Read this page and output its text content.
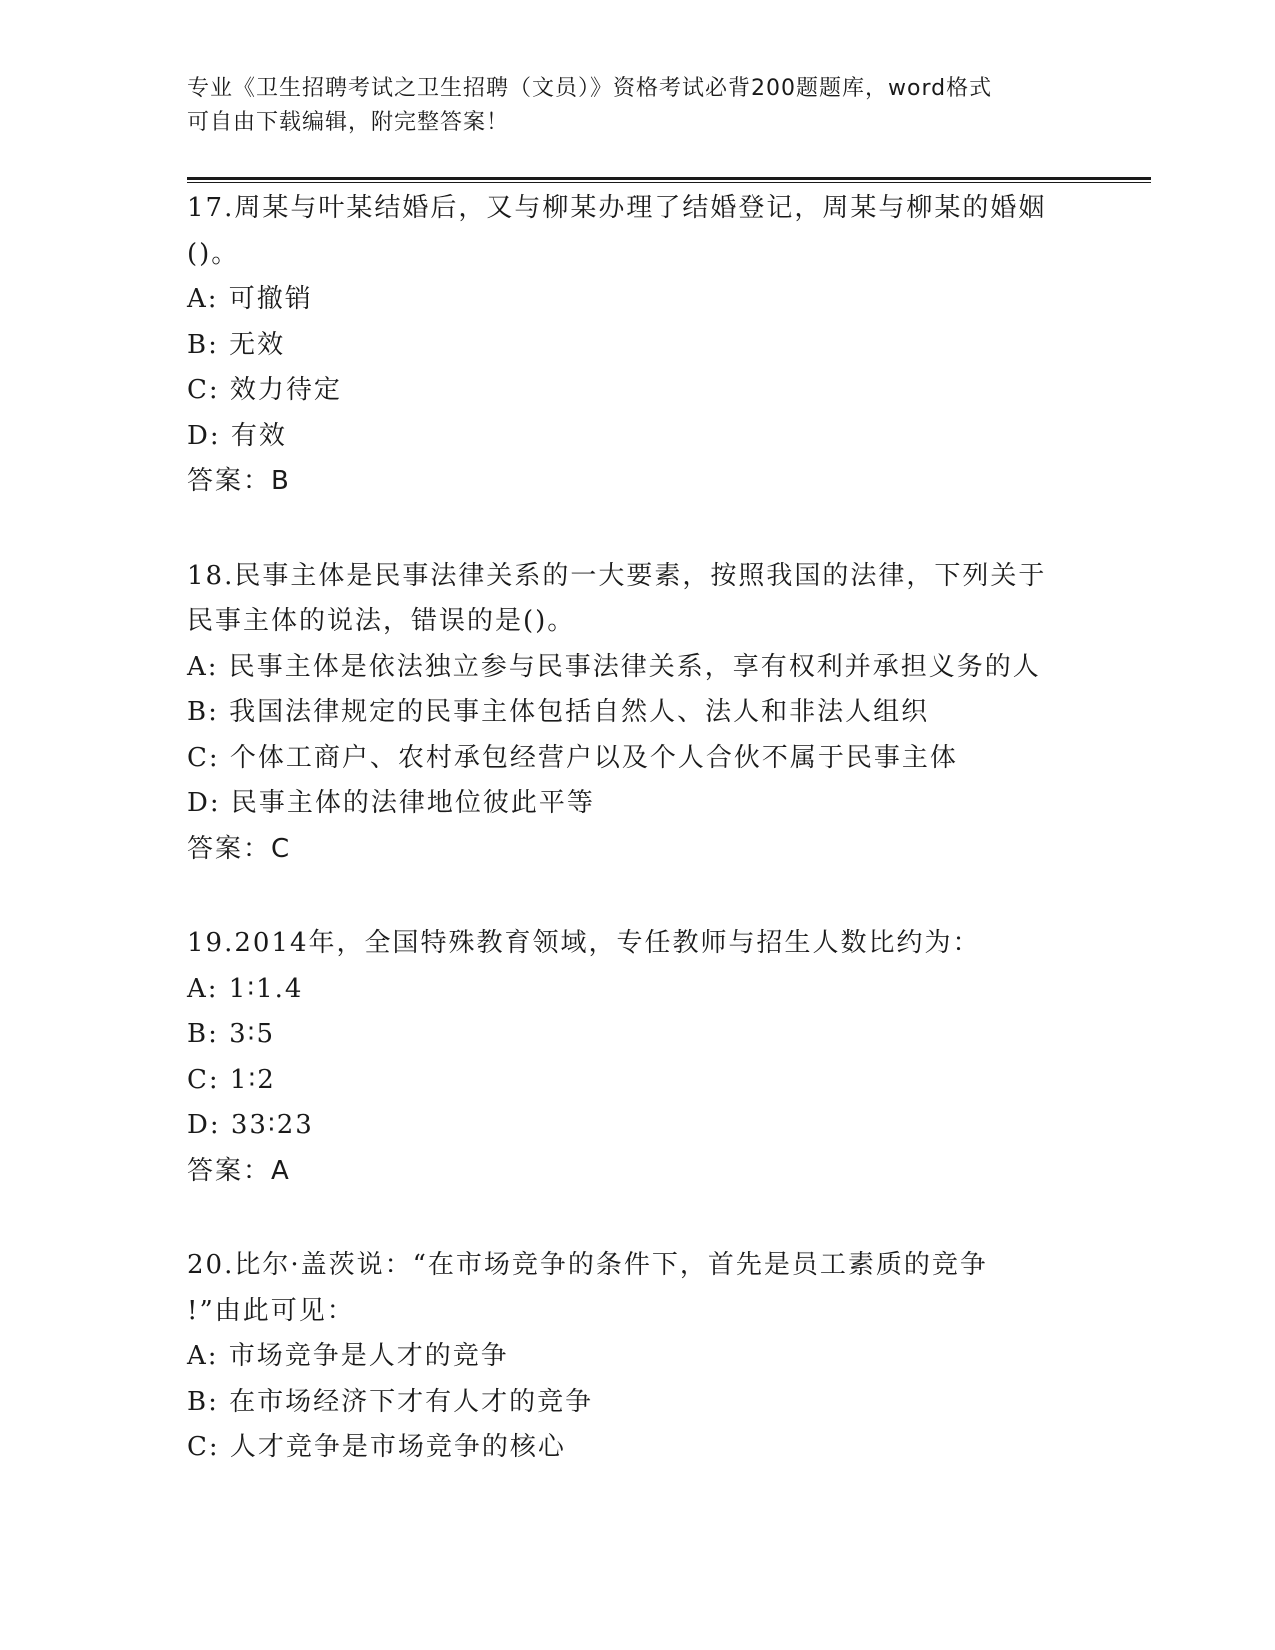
专业《卫生招聘考试之卫生招聘（文员）》资格考试必背200题题库，word格式
可自由下载编辑，附完整答案！
17.周某与叶某结婚后，又与柳某办理了结婚登记，周某与柳某的婚姻
()。
A: 可撤销
B: 无效
C: 效力待定
D: 有效
答案：B
18.民事主体是民事法律关系的一大要素，按照我国的法律，下列关于
民事主体的说法，错误的是()。
A: 民事主体是依法独立参与民事法律关系，享有权利并承担义务的人
B: 我国法律规定的民事主体包括自然人、法人和非法人组织
C: 个体工商户、农村承包经营户以及个人合伙不属于民事主体
D: 民事主体的法律地位彼此平等
答案：C
19.2014年，全国特殊教育领域，专任教师与招生人数比约为：
A: 1∶1.4
B: 3∶5
C: 1∶2
D: 33∶23
答案：A
20.比尔·盖茨说：“在市场竞争的条件下，首先是员工素质的竞争
!”由此可见：
A: 市场竞争是人才的竞争
B: 在市场经济下才有人才的竞争
C: 人才竞争是市场竞争的核心
